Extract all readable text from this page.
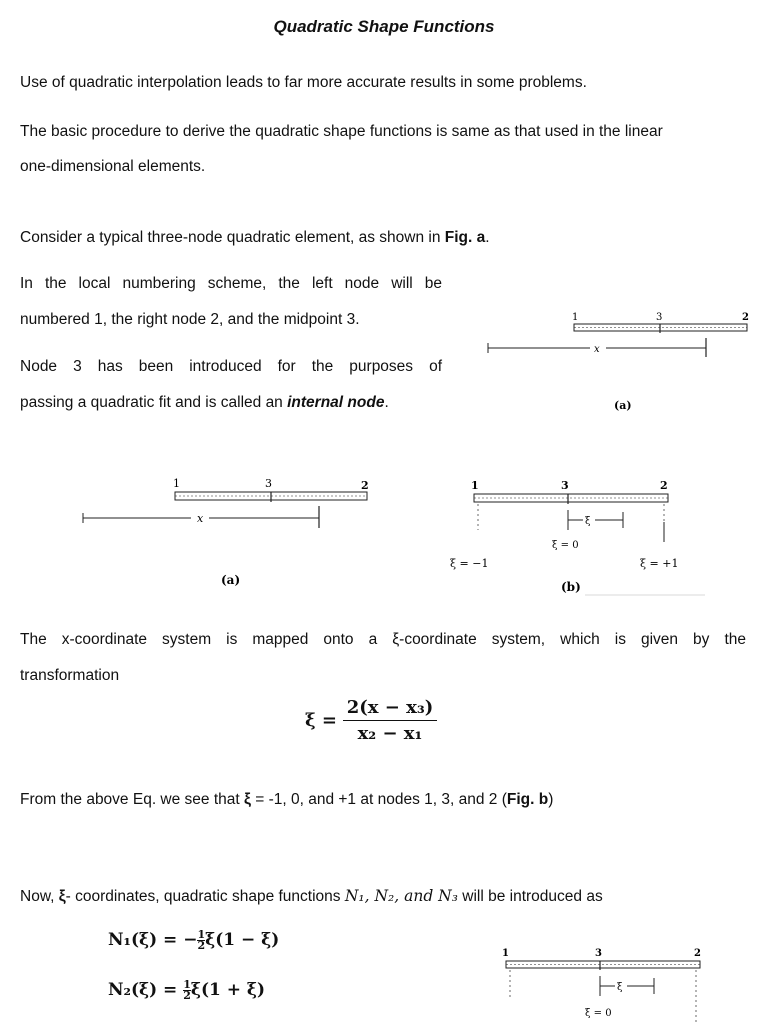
Quadratic Shape Functions
Use of quadratic interpolation leads to far more accurate results in some problems.
The basic procedure to derive the quadratic shape functions is same as that used in the linear
one-dimensional elements.
Consider a typical three-node quadratic element, as shown in Fig. a.
In the local numbering scheme, the left node will be
numbered 1, the right node 2, and the midpoint 3.
Node 3 has been introduced for the purposes of
passing a quadratic fit and is called an internal node.
1	3	2
x
(a)
1	3	2
x
(a)
1	3	2
ξ
ξ = 0
ξ = −1	ξ = +1
(b)
The x-coordinate system is mapped onto a ξ-coordinate system, which is given by the
transformation
$\xi = \frac{\text{2(x − x₃)}}{\text{x₂ − x₁}}$
From the above Eq. we see that ξ = -1, 0, and +1 at nodes 1, 3, and 2 (Fig. b)
Now, ξ- coordinates, quadratic shape functions N₁, N₂, and N₃ will be introduced as
N₁(ξ) = − $\frac{1}{2} \xi(1 - \xi)$
$N_2(\xi) = \frac{1}{2} \xi(1 + \xi)$
1	3	2
ξ
ξ = 0
